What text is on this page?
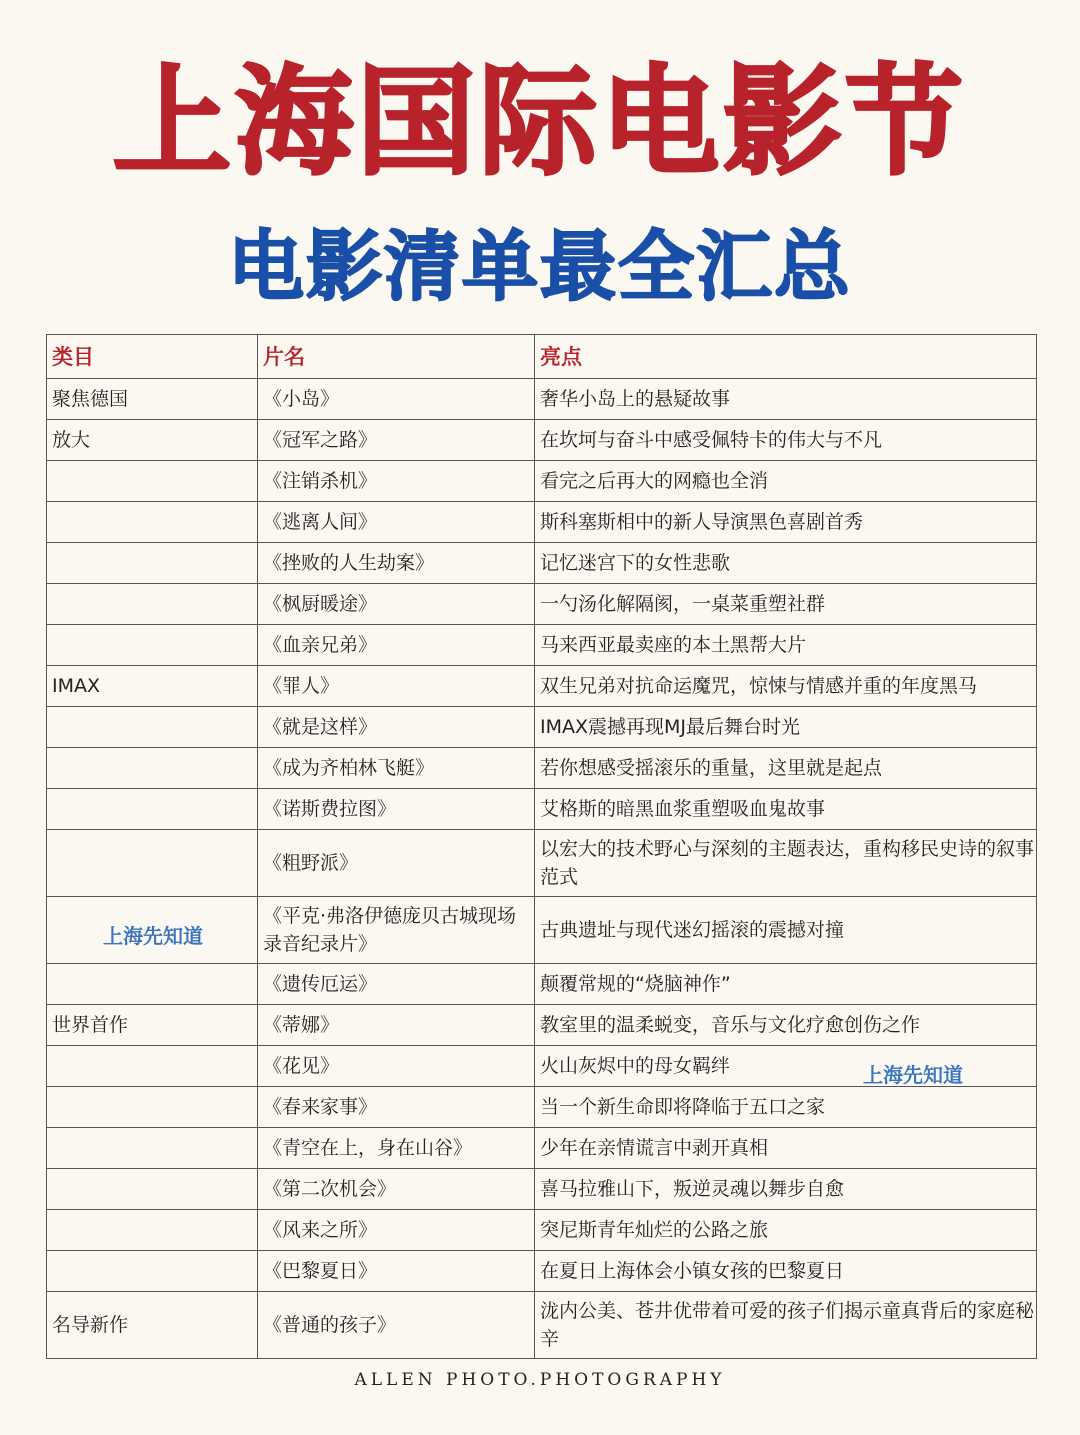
上海国际电影节
电影清单最全汇总
类目	片名	亮点
聚焦德国	《小岛》	奢华小岛上的悬疑故事
放大	《冠军之路》	在坎坷与奋斗中感受佩特卡的伟大与不凡
	《注销杀机》	看完之后再大的网瘾也全消
	《逃离人间》	斯科塞斯相中的新人导演黑色喜剧首秀
	《挫败的人生劫案》	记忆迷宫下的女性悲歌
	《枫厨暖途》	一勺汤化解隔阂，一桌菜重塑社群
	《血亲兄弟》	马来西亚最卖座的本土黑帮大片
IMAX	《罪人》	双生兄弟对抗命运魔咒，惊悚与情感并重的年度黑马
	《就是这样》	IMAX震撼再现MJ最后舞台时光
	《成为齐柏林飞艇》	若你想感受摇滚乐的重量，这里就是起点
	《诺斯费拉图》	艾格斯的暗黑血浆重塑吸血鬼故事
	《粗野派》	以宏大的技术野心与深刻的主题表达，重构移民史诗的叙事范式
	《平克·弗洛伊德庞贝古城现场录音纪录片》	古典遗址与现代迷幻摇滚的震撼对撞
	《遗传厄运》	颠覆常规的“烧脑神作”
世界首作	《蒂娜》	教室里的温柔蜕变，音乐与文化疗愈创伤之作
	《花见》	火山灰烬中的母女羁绊
	《春来家事》	当一个新生命即将降临于五口之家
	《青空在上，身在山谷》	少年在亲情谎言中剥开真相
	《第二次机会》	喜马拉雅山下，叛逆灵魂以舞步自愈
	《风来之所》	突尼斯青年灿烂的公路之旅
	《巴黎夏日》	在夏日上海体会小镇女孩的巴黎夏日
名导新作	《普通的孩子》	泷内公美、苍井优带着可爱的孩子们揭示童真背后的家庭秘辛
上海先知道
上海先知道
ALLEN PHOTO.PHOTOGRAPHY
